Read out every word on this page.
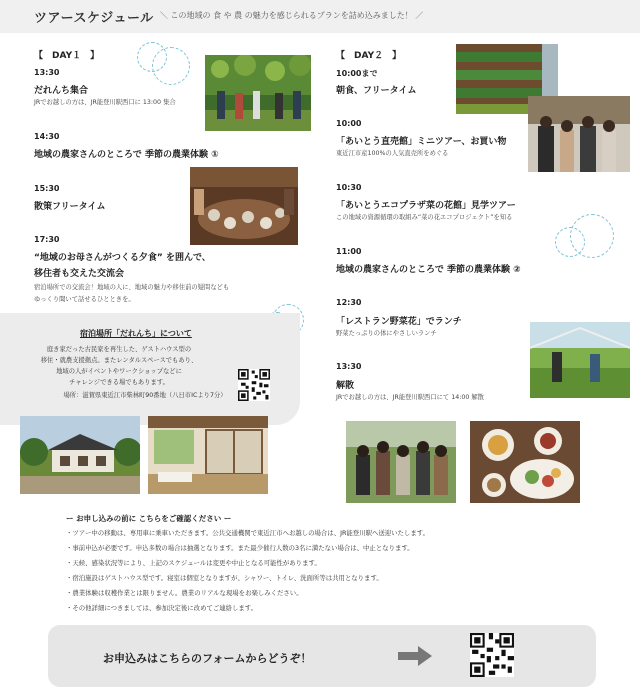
ツアースケジュール ＼ この地域の 食 や 農 の魅力を感じられるプランを詰め込みました！ ／
【　DAY１　】
13:30
だれんち集合
JRでお越しの方は、JR能登川駅西口に 13:00 集合
14:30
地域の農家さんのところで 季節の農業体験 ①
15:30
散策フリータイム
17:30
“地域のお母さんがつくる夕食” を囲んで、
移住者も交えた交流会
宿泊場所での交流会！地域の人に、地域の魅力や移住前の疑問なども
ゆっくり聞いて話せるひとときを。
【　DAY２　】
10:00まで
朝食、フリータイム
10:00
「あいとう直売館」ミニツアー、お買い物
東近江市産100%の人気直売所をめぐる
10:30
「あいとうエコプラザ菜の花館」見学ツアー
この地域の資源循環の取組み“菜の花エコプロジェクト”を知る
11:00
地域の農家さんのところで 季節の農業体験 ②
12:30
「レストラン野菜花」でランチ
野菜たっぷりの体にやさしいランチ
13:30
解散
JRでお越しの方は、JR能登川駅西口にて 14:00 解散
宿泊場所「だれんち」について
庭き家だった古民家を再生した、ゲストハウス型の
移住・就農支援拠点。またレンタルスペースでもあり、
地域の人がイベントやワークショップなどに
チャレンジできる場でもあります。
場所：滋賀県東近江市柴林町90番地（八日市ICより7分）
ー お申し込みの前に こちらをご確認ください ー
・ツアー中の移動は、専用車に乗車いただきます。公共交通機関で東近江市へお越しの場合は、JR能登川駅へ送迎いたします。
・事前申込が必要です。申込多数の場合は抽選となります。また最少催行人数の3名に満たない場合は、中止となります。
・天候、感染状況等により、上記のスケジュールは変更や中止となる可能性があります。
・宿泊施設はゲストハウス型です。寝室は個室となりますが、シャワー、トイレ、洗面所等は共用となります。
・農業体験は収穫作業とは限りません。農業のリアルな現場をお楽しみください。
・その他詳細につきましては、参加決定後に改めてご連絡します。
お申込みはこちらのフォームからどうぞ！
